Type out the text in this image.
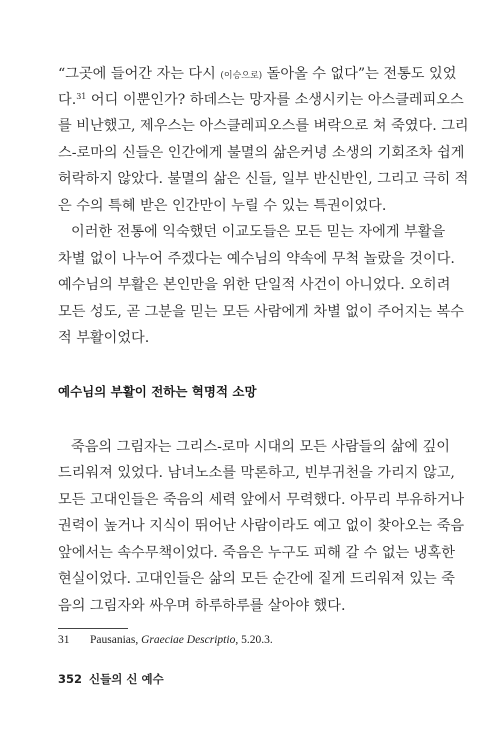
“그곳에 들어간 자는 다시 (이승으로) 돌아올 수 없다”는 전통도 있었
다.$^{31}$ 어디 이뿐인가? 하데스는 망자를 소생시키는 아스클레피오스
를 비난했고, 제우스는 아스클레피오스를 벼락으로 쳐 죽였다. 그리
스-로마의 신들은 인간에게 불멸의 삶은커녕 소생의 기회조차 쉽게
허락하지 않았다. 불멸의 삶은 신들, 일부 반신반인, 그리고 극히 적
은 수의 특혜 받은 인간만이 누릴 수 있는 특권이었다.
이러한 전통에 익숙했던 이교도들은 모든 믿는 자에게 부활을
차별 없이 나누어 주겠다는 예수님의 약속에 무척 놀랐을 것이다.
예수님의 부활은 본인만을 위한 단일적 사건이 아니었다. 오히려
모든 성도, 곧 그분을 믿는 모든 사람에게 차별 없이 주어지는 복수
적 부활이었다.
예수님의 부활이 전하는 혁명적 소망
죽음의 그림자는 그리스-로마 시대의 모든 사람들의 삶에 깊이
드리워져 있었다. 남녀노소를 막론하고, 빈부귀천을 가리지 않고,
모든 고대인들은 죽음의 세력 앞에서 무력했다. 아무리 부유하거나
권력이 높거나 지식이 뛰어난 사람이라도 예고 없이 찾아오는 죽음
앞에서는 속수무책이었다. 죽음은 누구도 피해 갈 수 없는 냉혹한
현실이었다. 고대인들은 삶의 모든 순간에 짙게 드리워져 있는 죽
음의 그림자와 싸우며 하루하루를 살아야 했다.
31 Pausanias, Graeciae Descriptio, 5.20.3.
352 신들의 신 예수
